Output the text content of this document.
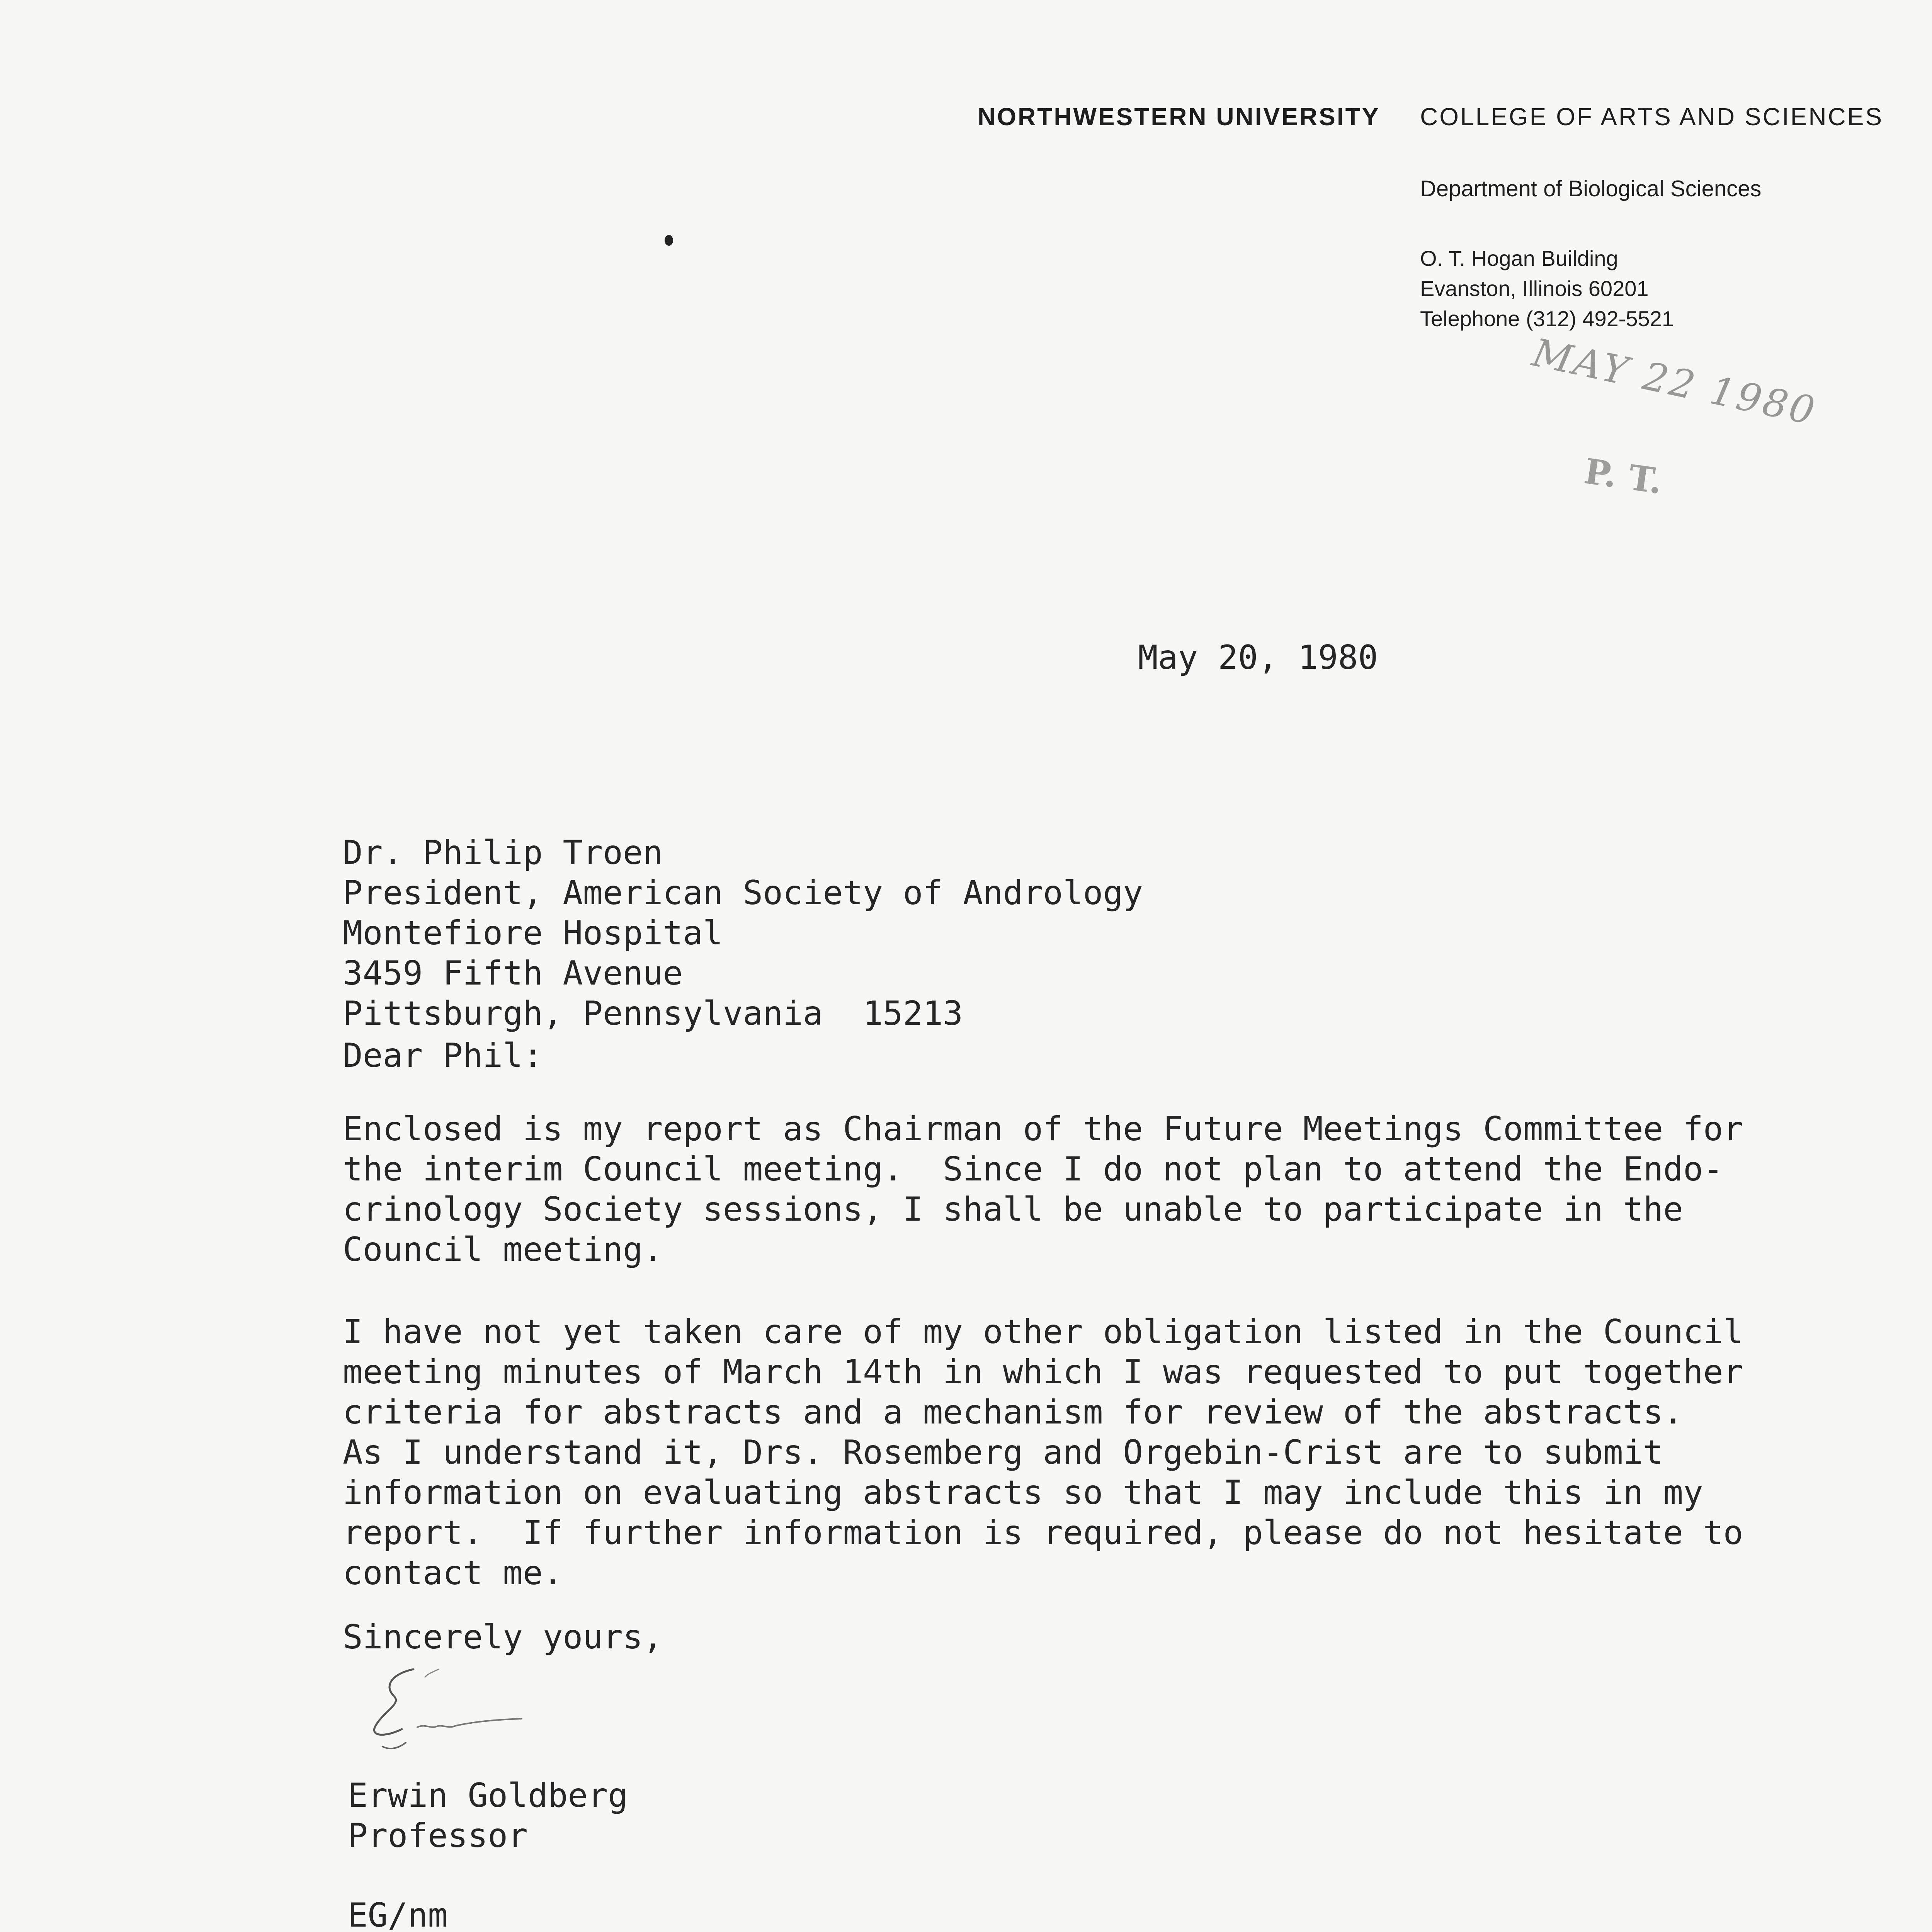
NORTHWESTERN UNIVERSITY COLLEGE OF ARTS AND SCIENCES
Department of Biological Sciences
O. T. Hogan Building
Evanston, Illinois 60201
Telephone (312) 492-5521
MAY 22 1980
P. T.
May 20, 1980
Dr. Philip Troen
President, American Society of Andrology
Montefiore Hospital
3459 Fifth Avenue
Pittsburgh, Pennsylvania  15213
Dear Phil:
Enclosed is my report as Chairman of the Future Meetings Committee for
the interim Council meeting.  Since I do not plan to attend the Endo-
crinology Society sessions, I shall be unable to participate in the
Council meeting.
I have not yet taken care of my other obligation listed in the Council
meeting minutes of March 14th in which I was requested to put together
criteria for abstracts and a mechanism for review of the abstracts.
As I understand it, Drs. Rosemberg and Orgebin-Crist are to submit
information on evaluating abstracts so that I may include this in my
report.  If further information is required, please do not hesitate to
contact me.
Sincerely yours,
Erwin Goldberg
Professor
EG/nm
